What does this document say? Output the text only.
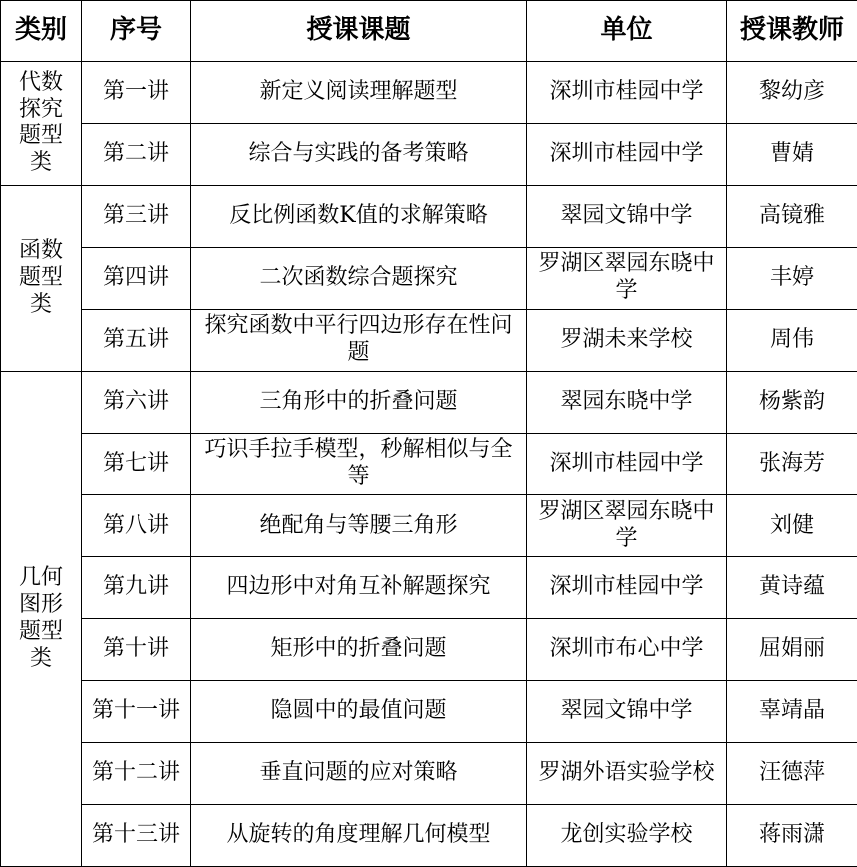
类别	序号	授课课题	单位	授课教师
代数探究题型类	第一讲	新定义阅读理解题型	深圳市桂园中学	黎幼彦
	第二讲	综合与实践的备考策略	深圳市桂园中学	曹婧
函数题型类	第三讲	反比例函数K值的求解策略	翠园文锦中学	高镜雅
	第四讲	二次函数综合题探究	罗湖区翠园东晓中学	丰婷
	第五讲	探究函数中平行四边形存在性问题	罗湖未来学校	周伟
几何图形题型类	第六讲	三角形中的折叠问题	翠园东晓中学	杨紫韵
	第七讲	巧识手拉手模型，秒解相似与全等	深圳市桂园中学	张海芳
	第八讲	绝配角与等腰三角形	罗湖区翠园东晓中学	刘健
	第九讲	四边形中对角互补解题探究	深圳市桂园中学	黄诗蕴
	第十讲	矩形中的折叠问题	深圳市布心中学	屈娟丽
	第十一讲	隐圆中的最值问题	翠园文锦中学	辜靖晶
	第十二讲	垂直问题的应对策略	罗湖外语实验学校	汪德萍
	第十三讲	从旋转的角度理解几何模型	龙创实验学校	蒋雨潇
